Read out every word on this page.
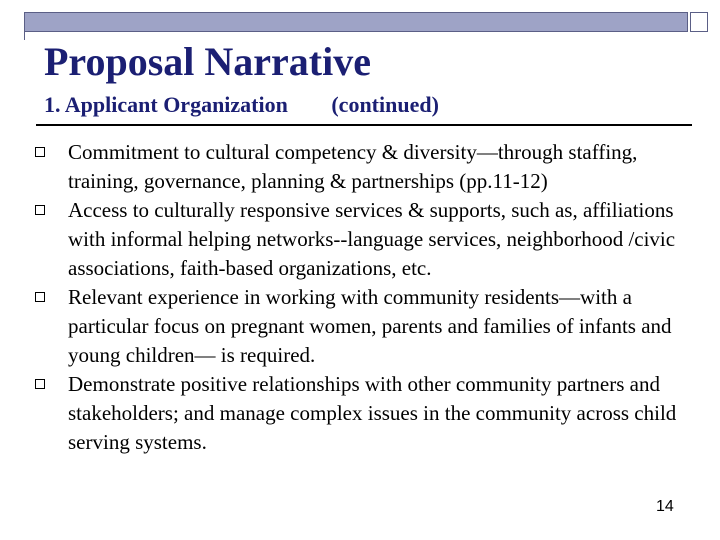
Proposal Narrative
1. Applicant Organization (continued)
Commitment to cultural competency & diversity—through staffing, training, governance, planning & partnerships (pp.11-12)
Access to culturally responsive services & supports, such as, affiliations with informal helping networks--language services, neighborhood /civic associations, faith-based organizations, etc.
Relevant experience in working with community residents—with a particular focus on pregnant women, parents and families of infants and young children— is required.
Demonstrate positive relationships with other community partners and stakeholders; and manage complex issues in the community across child serving systems.
14
